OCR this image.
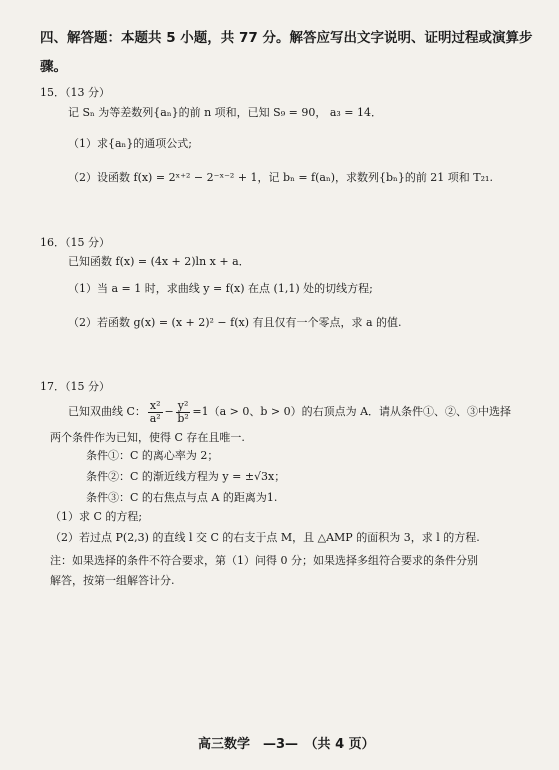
四、解答题：本题共 5 小题，共 77 分。解答应写出文字说明、证明过程或演算步
骤。
15．（13 分）
记 Sₙ 为等差数列{aₙ}的前 n 项和，已知 S₉ = 90， a₃ = 14．
（1）求{aₙ}的通项公式;
（2）设函数 f(x) = 2ˣ⁺² − 2⁻ˣ⁻² + 1，记 bₙ = f(aₙ)，求数列{bₙ}的前 21 项和 T₂₁.
16．（15 分）
已知函数 f(x) = (4x + 2)ln x + a．
（1）当 a = 1 时，求曲线 y = f(x) 在点 (1,1) 处的切线方程;
（2）若函数 g(x) = (x + 2)² − f(x) 有且仅有一个零点，求 a 的值.
17．（15 分）
已知双曲线 C： $\frac{\text{x²}}{\text{a²}} - \frac{\text{y²}}{\text{b²}} =1(a > 0$、b > 0）的右顶点为 A．请从条件①、②、③中选择
两个条件作为已知，使得 C 存在且唯一.
条件①：C 的离心率为 2；
条件②：C 的渐近线方程为 y = ±√3x；
条件③：C 的右焦点与点 A 的距离为1.
（1）求 C 的方程;
（2）若过点 P(2,3) 的直线 l 交 C 的右支于点 M，且 △AMP 的面积为 3，求 l 的方程.
注：如果选择的条件不符合要求，第（1）问得 0 分；如果选择多组符合要求的条件分别
解答，按第一组解答计分.
高三数学　—3—　（共 4 页）
